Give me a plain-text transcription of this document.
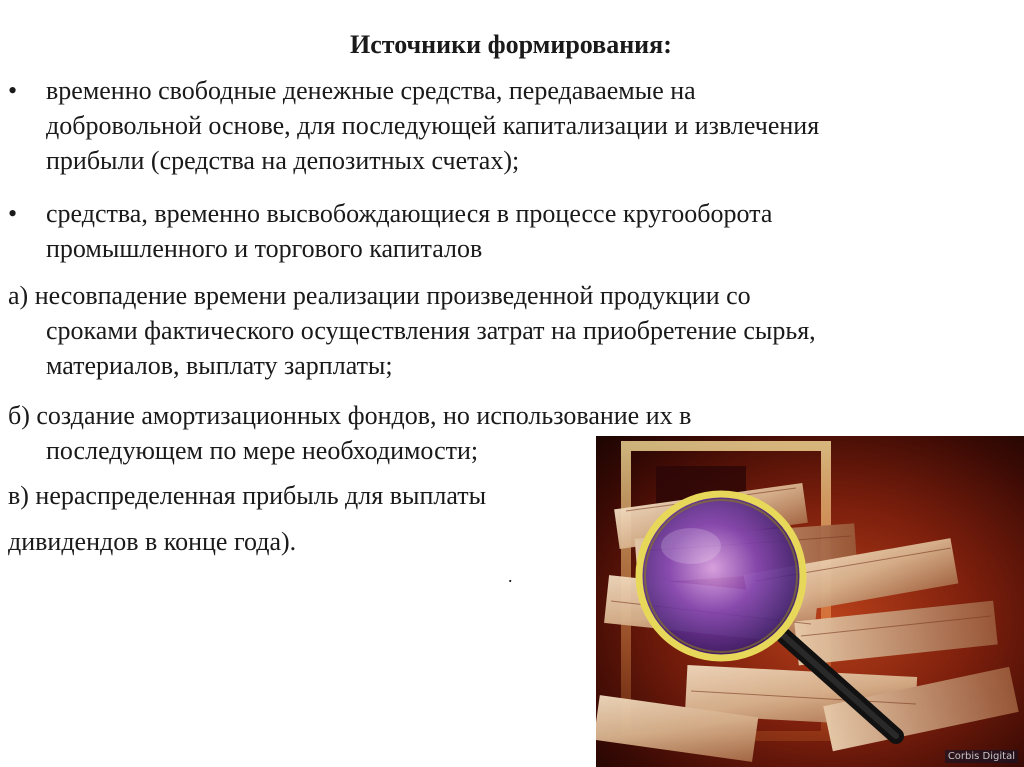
Источники формирования:
•	временно свободные денежные средства, передаваемые на
добровольной основе, для последующей капитализации и извлечения
прибыли (средства на депозитных счетах);
•	средства, временно высвобождающиеся в процессе кругооборота
промышленного и торгового капиталов
а) несовпадение времени реализации произведенной продукции со
сроками фактического осуществления затрат на приобретение сырья,
материалов, выплату зарплаты;
б) создание амортизационных фондов, но использование их в
последующем по мере необходимости;
в) нераспределенная прибыль для выплаты
дивидендов в конце года).
.
Corbis Digital
